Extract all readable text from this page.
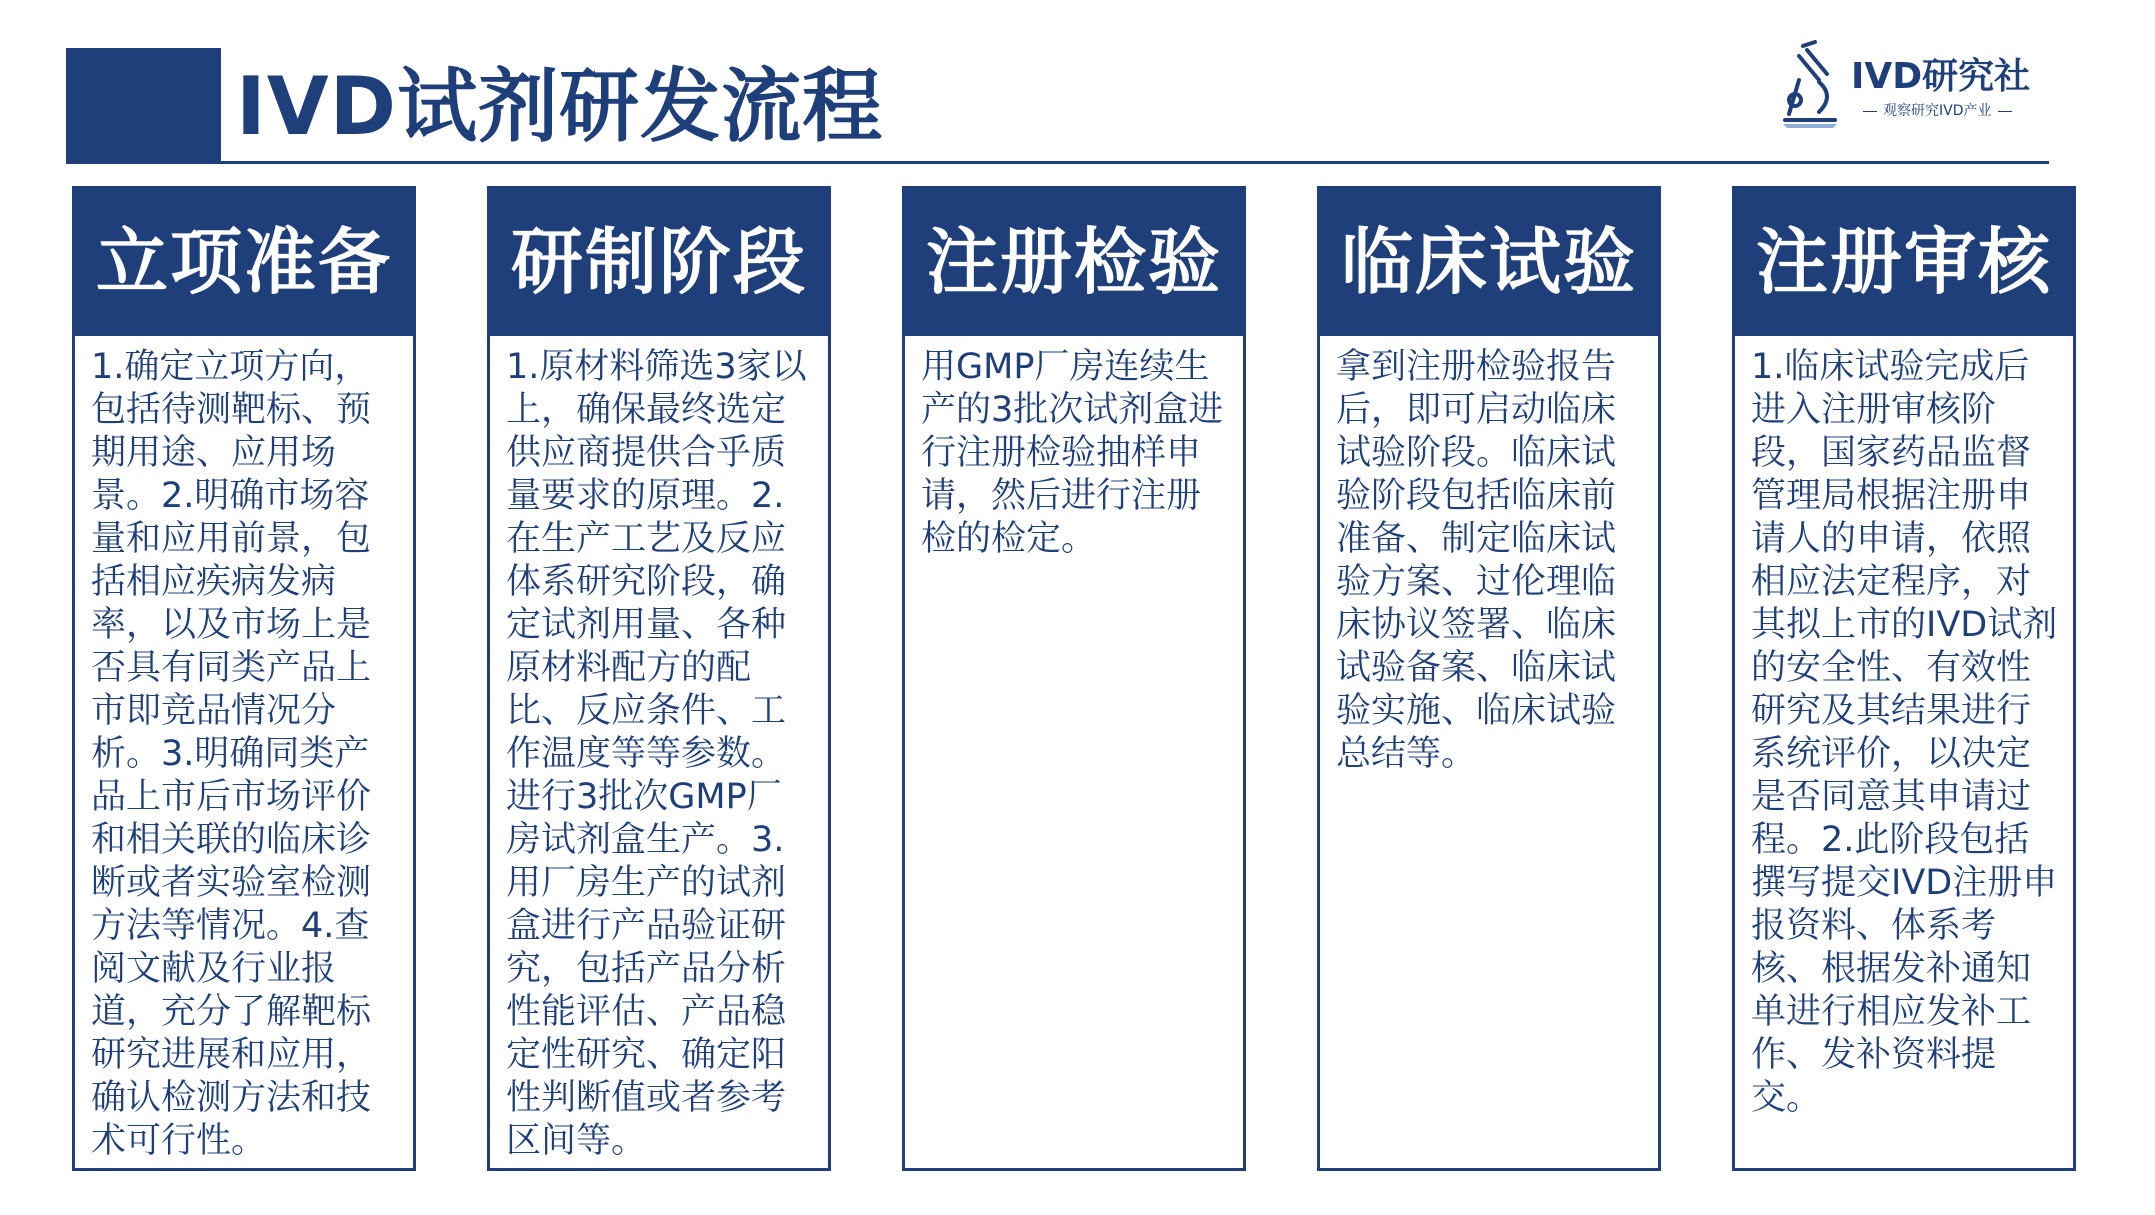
IVD试剂研发流程	IVD研究社
观察研究IVD产业
立项准备
1.确定立项方向，包括待测靶标、预期用途、应用场景。2.明确市场容量和应用前景，包括相应疾病发病率，以及市场上是否具有同类产品上市即竞品情况分析。3.明确同类产品上市后市场评价和相关联的临床诊断或者实验室检测方法等情况。4.查阅文献及行业报道，充分了解靶标研究进展和应用，确认检测方法和技术可行性。
研制阶段
1.原材料筛选3家以上，确保最终选定供应商提供合乎质量要求的原理。2. 在生产工艺及反应体系研究阶段，确定试剂用量、各种原材料配方的配比、反应条件、工作温度等等参数。进行3批次GMP厂房试剂盒生产。3. 用厂房生产的试剂盒进行产品验证研究，包括产品分析性能评估、产品稳定性研究、确定阳性判断值或者参考区间等。
注册检验
用GMP厂房连续生产的3批次试剂盒进行注册检验抽样申请，然后进行注册检的检定。
临床试验
拿到注册检验报告后，即可启动临床试验阶段。临床试验阶段包括临床前准备、制定临床试验方案、过伦理临床协议签署、临床试验备案、临床试验实施、临床试验总结等。
注册审核
1.临床试验完成后进入注册审核阶段，国家药品监督管理局根据注册申请人的申请，依照相应法定程序，对其拟上市的IVD试剂的安全性、有效性研究及其结果进行系统评价，以决定是否同意其申请过程。2.此阶段包括撰写提交IVD注册申报资料、体系考核、根据发补通知单进行相应发补工作、发补资料提交。
